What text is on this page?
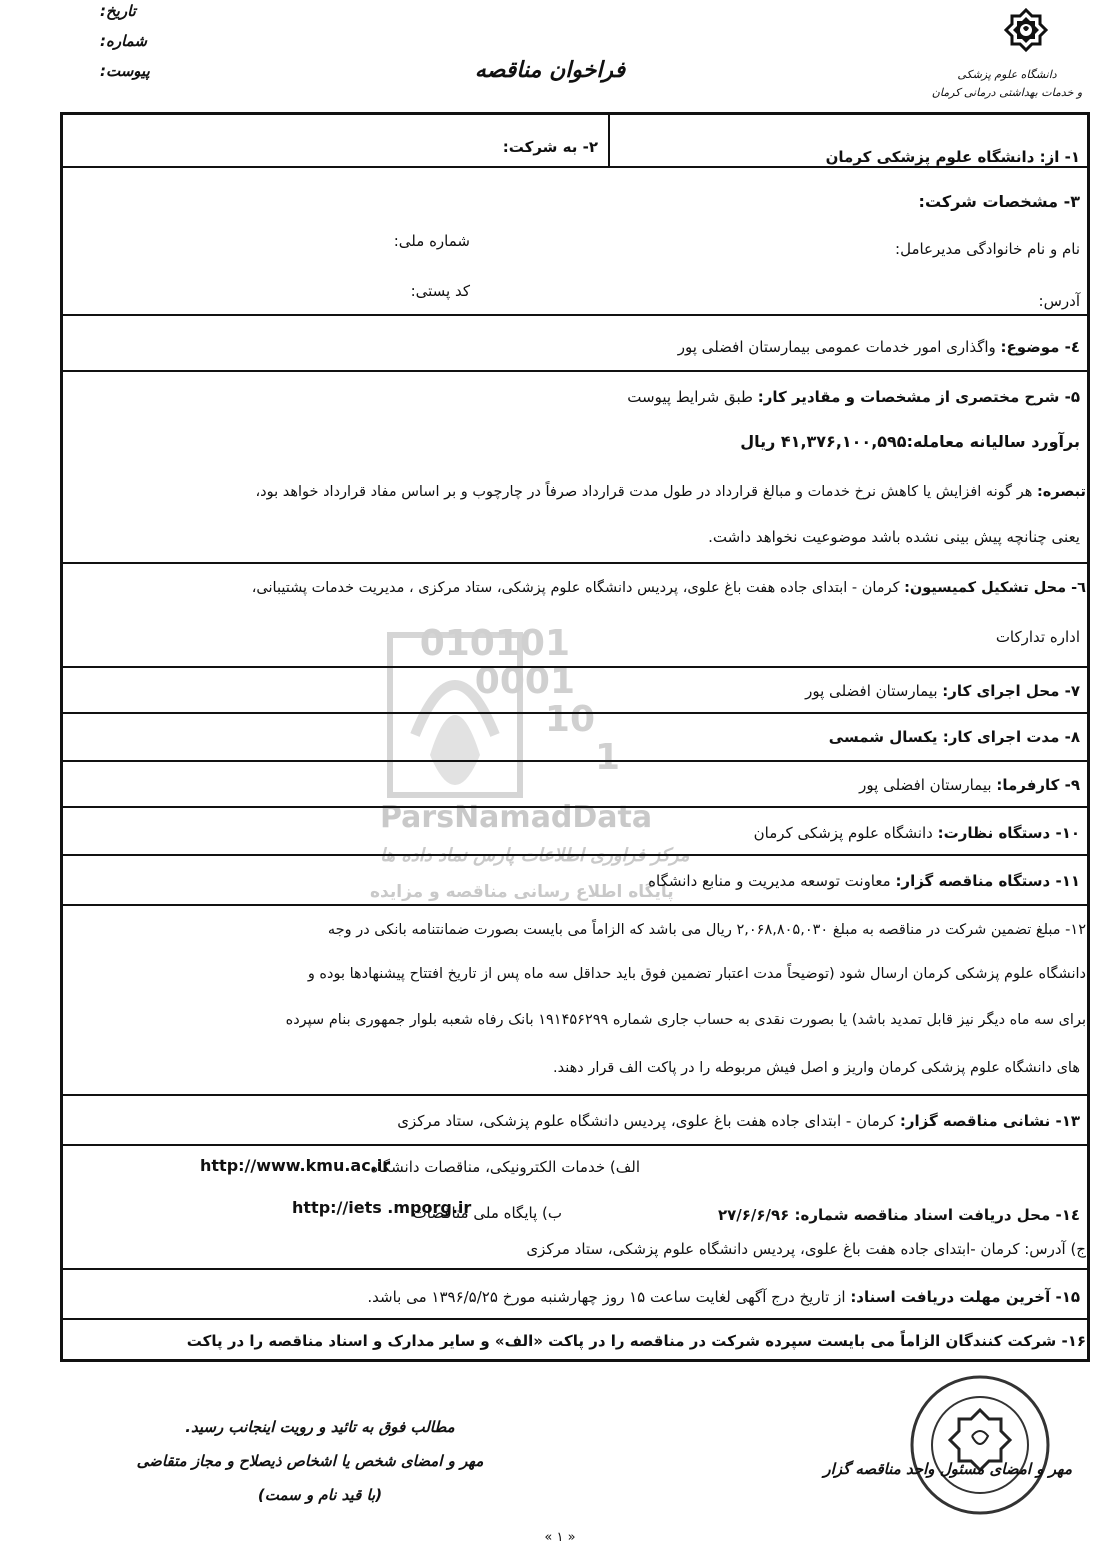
تاریخ:
شماره:
پیوست:	فراخوان مناقصه	دانشگاه علوم پزشکی
و خدمات بهداشتی درمانی کرمان
010101
0001
10
1
ParsNamadData
مرکز فراوری اطلاعات پارس نماد داده ها
پایگاه اطلاع رسانی مناقصه و مزایده
۱- از: دانشگاه علوم پزشکی کرمان
۲- به شرکت:
۳- مشخصات شرکت:
نام و نام خانوادگی مدیرعامل:
شماره ملی:
آدرس:
کد پستی:
٤- موضوع: واگذاری امور خدمات عمومی بیمارستان افضلی پور
۵- شرح مختصری از مشخصات و مقادیر کار: طبق شرایط پیوست
برآورد سالیانه معامله:۴۱,۳۷۶,۱۰۰,۵۹۵ ریال
تبصره: هر گونه افزایش یا کاهش نرخ خدمات و مبالغ قرارداد در طول مدت قرارداد صرفاً در چارچوب و بر اساس مفاد قرارداد خواهد بود،
یعنی چنانچه پیش بینی نشده باشد موضوعیت نخواهد داشت.
٦- محل تشکیل کمیسیون: کرمان - ابتدای جاده هفت باغ علوی، پردیس دانشگاه علوم پزشکی، ستاد مرکزی ، مدیریت خدمات پشتیبانی،
اداره تدارکات
۷- محل اجرای کار: بیمارستان افضلی پور
۸- مدت اجرای کار: یکسال شمسی
۹- کارفرما: بیمارستان افضلی پور
۱۰- دستگاه نظارت: دانشگاه علوم پزشکی کرمان
۱۱- دستگاه مناقصه گزار: معاونت توسعه مدیریت و منابع دانشگاه
۱۲- مبلغ تضمین شرکت در مناقصه به مبلغ ۲,۰۶۸,۸۰۵,۰۳۰ ریال می باشد که الزاماً می بایست بصورت ضمانتنامه بانکی در وجه
دانشگاه علوم پزشکی کرمان ارسال شود (توضیحاً مدت اعتبار تضمین فوق باید حداقل سه ماه پس از تاریخ افتتاح پیشنهادها بوده و
برای سه ماه دیگر نیز قابل تمدید باشد) یا بصورت نقدی به حساب جاری شماره ۱۹۱۴۵۶۲۹۹ بانک رفاه شعبه بلوار جمهوری بنام سپرده
های دانشگاه علوم پزشکی کرمان واریز و اصل فیش مربوطه را در پاکت الف قرار دهند.
۱۳- نشانی مناقصه گزار: کرمان - ابتدای جاده هفت باغ علوی، پردیس دانشگاه علوم پزشکی، ستاد مرکزی
الف) خدمات الکترونیکی، مناقصات دانشگاه
http://www.kmu.ac.ir
۱٤- محل دریافت اسناد مناقصه شماره: ۲۷/۶/۶/۹۶
ب) پایگاه ملی مناقصات
http://iets .mporg.ir
ج) آدرس: کرمان -ابتدای جاده هفت باغ علوی، پردیس دانشگاه علوم پزشکی، ستاد مرکزی
۱۵- آخرین مهلت دریافت اسناد: از تاریخ درج آگهی لغایت ساعت ۱۵ روز چهارشنبه مورخ ۱۳۹۶/۵/۲۵ می باشد.
۱۶- شرکت کنندگان الزاماً می بایست سپرده شرکت در مناقصه را در پاکت «الف» و سایر مدارک و اسناد مناقصه را در پاکت
مطالب فوق به تائید و رویت اینجانب رسید.
مهر و امضای شخص یا اشخاص ذیصلاح و مجاز متقاضی
(با قید نام و سمت)
مهر و امضای مسئول واحد مناقصه گزار
« ۱ »
